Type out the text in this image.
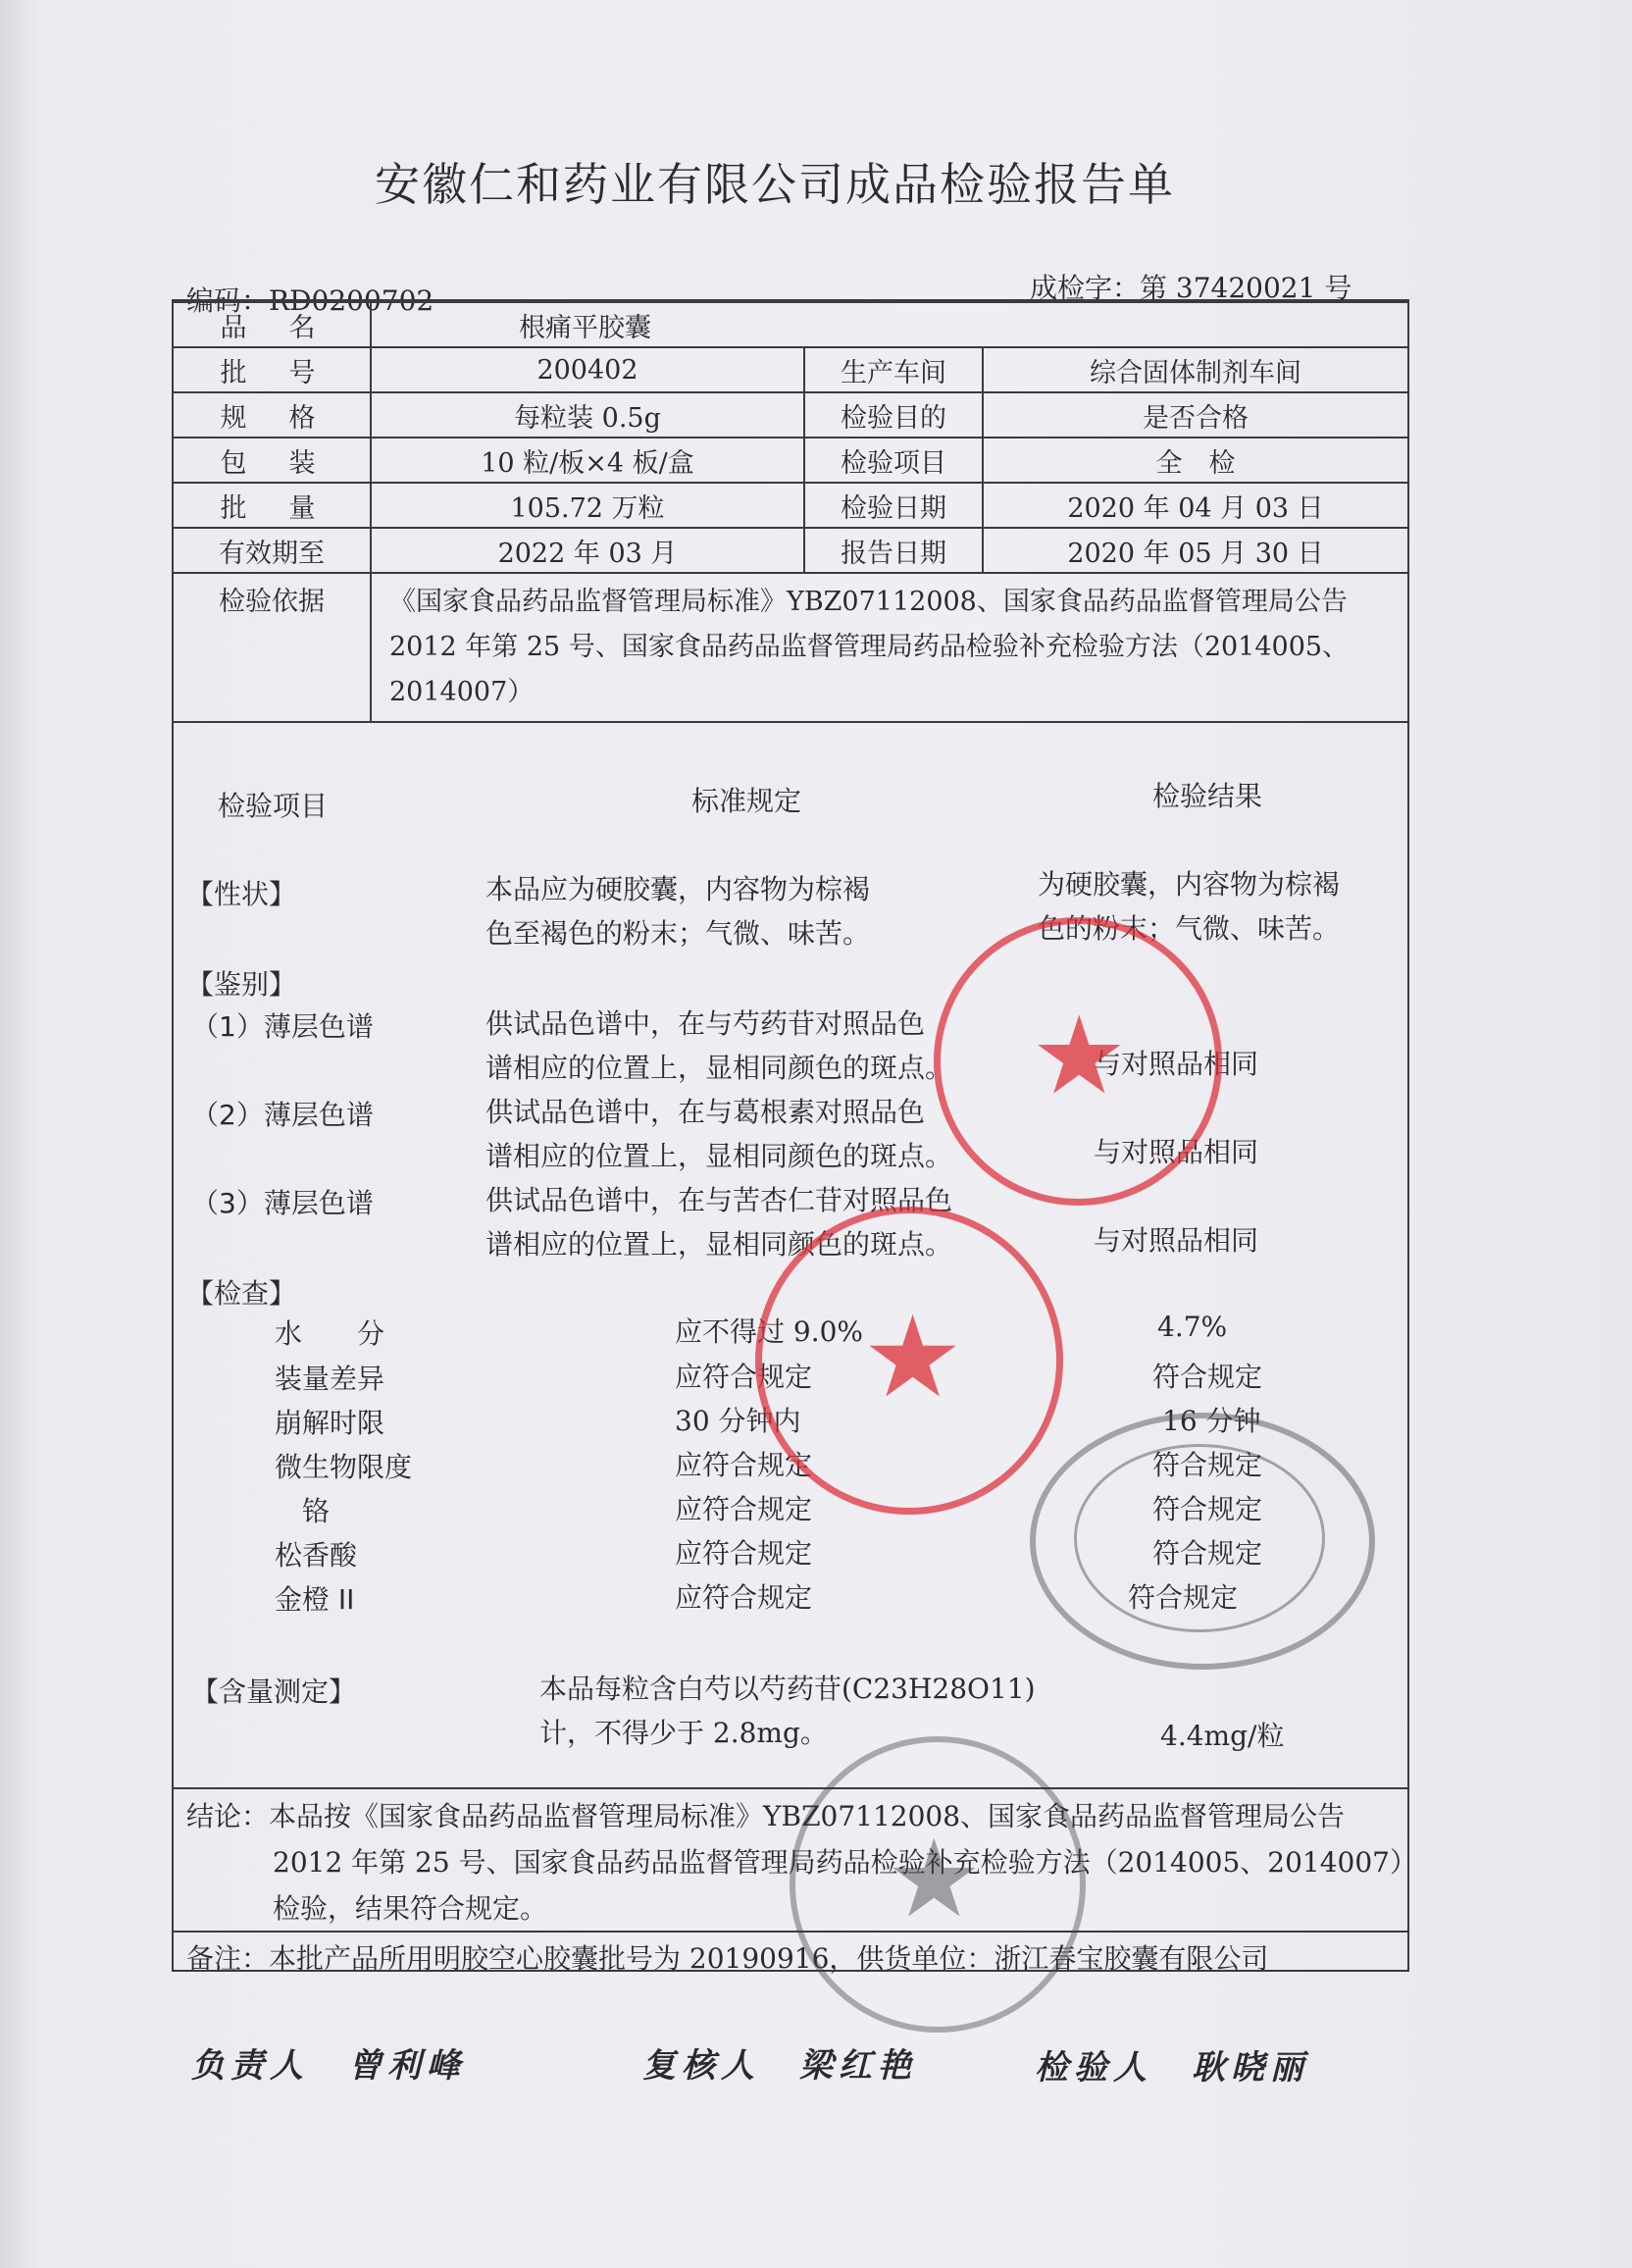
安徽仁和药业有限公司成品检验报告单
编码：RD0200702	成检字：第 37420021 号
品　名	根痛平胶囊		
批　号	200402	生产车间	综合固体制剂车间
规　格	每粒装 0.5g	检验目的	是否合格
包　装	10 粒/板×4 板/盒	检验项目	全　检
批　量	105.72 万粒	检验日期	2020 年 04 月 03 日
有效期至	2022 年 03 月	报告日期	2020 年 05 月 30 日
检验依据	《国家食品药品监督管理局标准》YBZ07112008、国家食品药品监督管理局公告
2012 年第 25 号、国家食品药品监督管理局药品检验补充检验方法（2014005、
2014007）		
检验项目	标准规定	检验结果
【性状】	本品应为硬胶囊，内容物为棕褐
色至褐色的粉末；气微、味苦。
为硬胶囊，内容物为棕褐
色的粉末；气微、味苦。
【鉴别】
（1）薄层色谱	供试品色谱中，在与芍药苷对照品色
谱相应的位置上，显相同颜色的斑点。	与对照品相同
（2）薄层色谱	供试品色谱中，在与葛根素对照品色
谱相应的位置上，显相同颜色的斑点。	与对照品相同
（3）薄层色谱	供试品色谱中，在与苦杏仁苷对照品色
谱相应的位置上，显相同颜色的斑点。	与对照品相同
【检查】
水　　分	应不得过 9.0%	4.7%
装量差异	应符合规定	符合规定
崩解时限	30 分钟内	16 分钟
微生物限度	应符合规定	符合规定
铬	应符合规定	符合规定
松香酸	应符合规定	符合规定
金橙 II	应符合规定	符合规定
【含量测定】	本品每粒含白芍以芍药苷(C23H28O11)
计，不得少于 2.8mg。	4.4mg/粒
结论：本品按《国家食品药品监督管理局标准》YBZ07112008、国家食品药品监督管理局公告
2012 年第 25 号、国家食品药品监督管理局药品检验补充检验方法（2014005、2014007）
检验，结果符合规定。
备注：本批产品所用明胶空心胶囊批号为 20190916，供货单位：浙江春宝胶囊有限公司
负责人　曾利峰	复核人　梁红艳	检验人　耿晓丽
★
★
★
